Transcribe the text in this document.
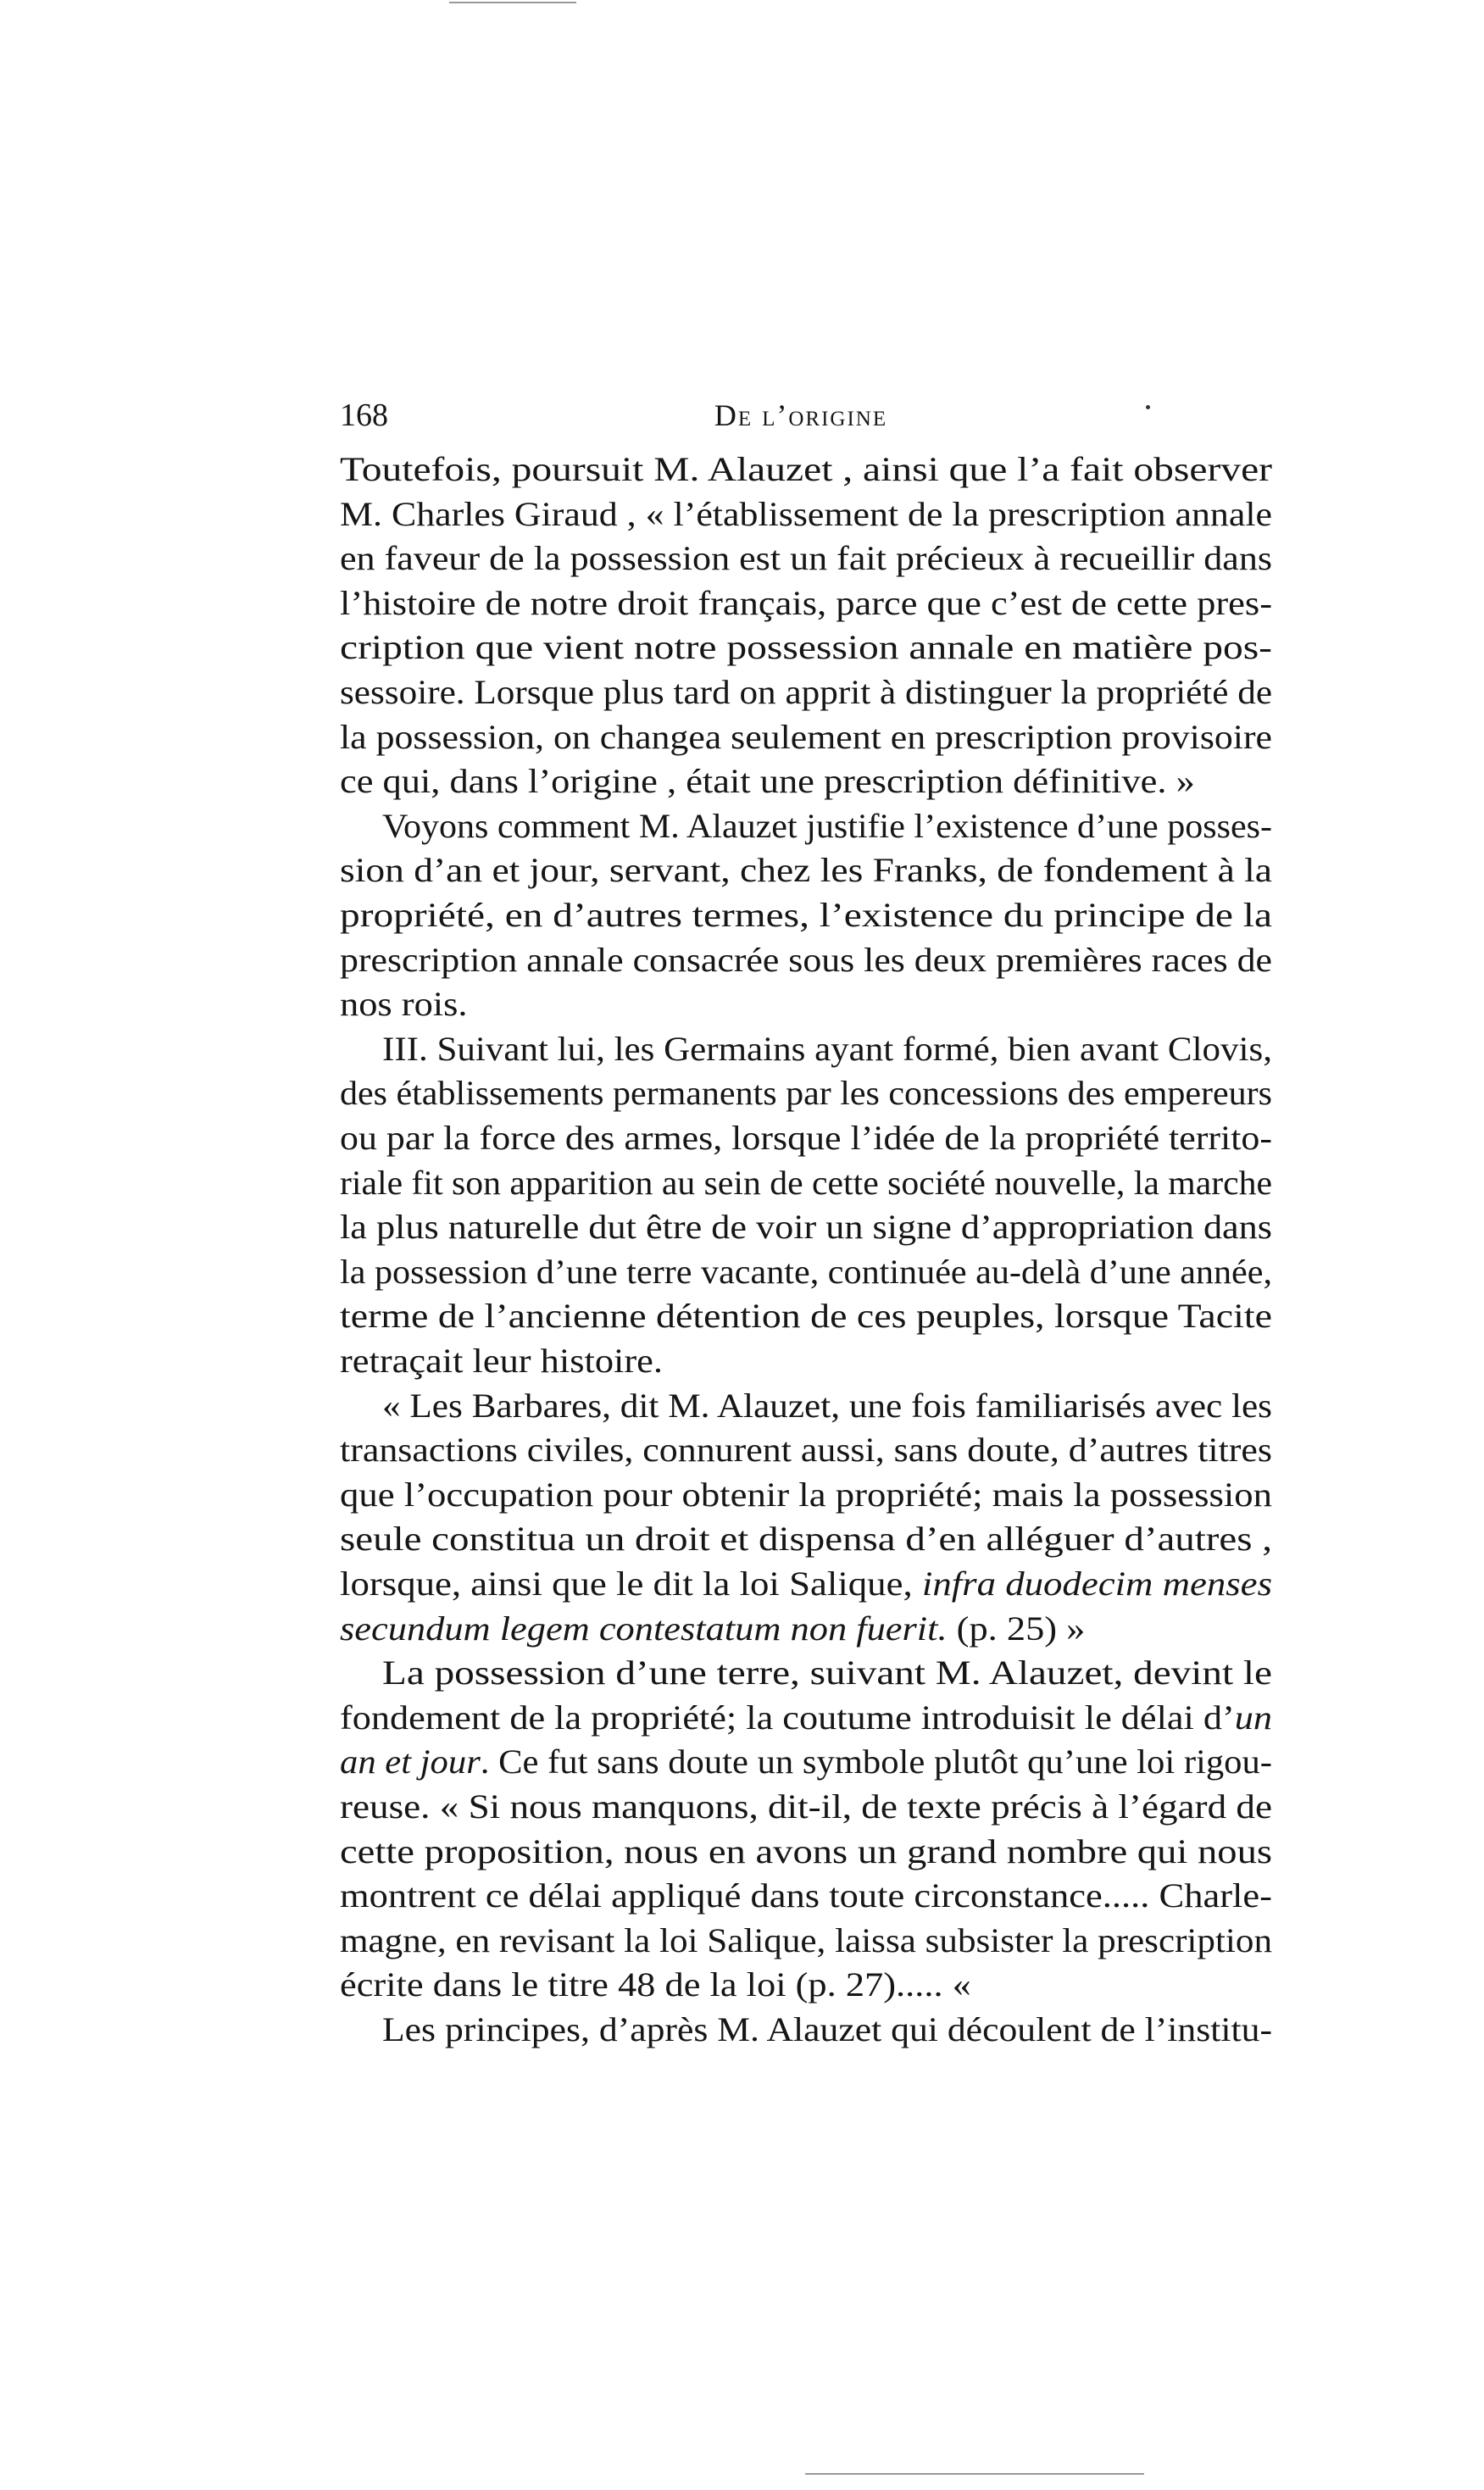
168	De l’origine
Toutefois, poursuit M. Alauzet , ainsi que l’a fait observer
M. Charles Giraud , « l’établissement de la prescription annale
en faveur de la possession est un fait précieux à recueillir dans
l’histoire de notre droit français, parce que c’est de cette pres-
cription que vient notre possession annale en matière pos-
sessoire. Lorsque plus tard on apprit à distinguer la propriété de
la possession, on changea seulement en prescription provisoire
ce qui, dans l’origine , était une prescription définitive. »
Voyons comment M. Alauzet justifie l’existence d’une posses-
sion d’an et jour, servant, chez les Franks, de fondement à la
propriété, en d’autres termes, l’existence du principe de la
prescription annale consacrée sous les deux premières races de
nos rois.
III. Suivant lui, les Germains ayant formé, bien avant Clovis,
des établissements permanents par les concessions des empereurs
ou par la force des armes, lorsque l’idée de la propriété territo-
riale fit son apparition au sein de cette société nouvelle, la marche
la plus naturelle dut être de voir un signe d’appropriation dans
la possession d’une terre vacante, continuée au-delà d’une année,
terme de l’ancienne détention de ces peuples, lorsque Tacite
retraçait leur histoire.
« Les Barbares, dit M. Alauzet, une fois familiarisés avec les
transactions civiles, connurent aussi, sans doute, d’autres titres
que l’occupation pour obtenir la propriété; mais la possession
seule constitua un droit et dispensa d’en alléguer d’autres ,
lorsque, ainsi que le dit la loi Salique, infra duodecim menses
secundum legem contestatum non fuerit. (p. 25) »
La possession d’une terre, suivant M. Alauzet, devint le
fondement de la propriété; la coutume introduisit le délai d’un
an et jour. Ce fut sans doute un symbole plutôt qu’une loi rigou-
reuse. « Si nous manquons, dit-il, de texte précis à l’égard de
cette proposition, nous en avons un grand nombre qui nous
montrent ce délai appliqué dans toute circonstance..... Charle-
magne, en revisant la loi Salique, laissa subsister la prescription
écrite dans le titre 48 de la loi (p. 27)..... «
Les principes, d’après M. Alauzet qui découlent de l’institu-
